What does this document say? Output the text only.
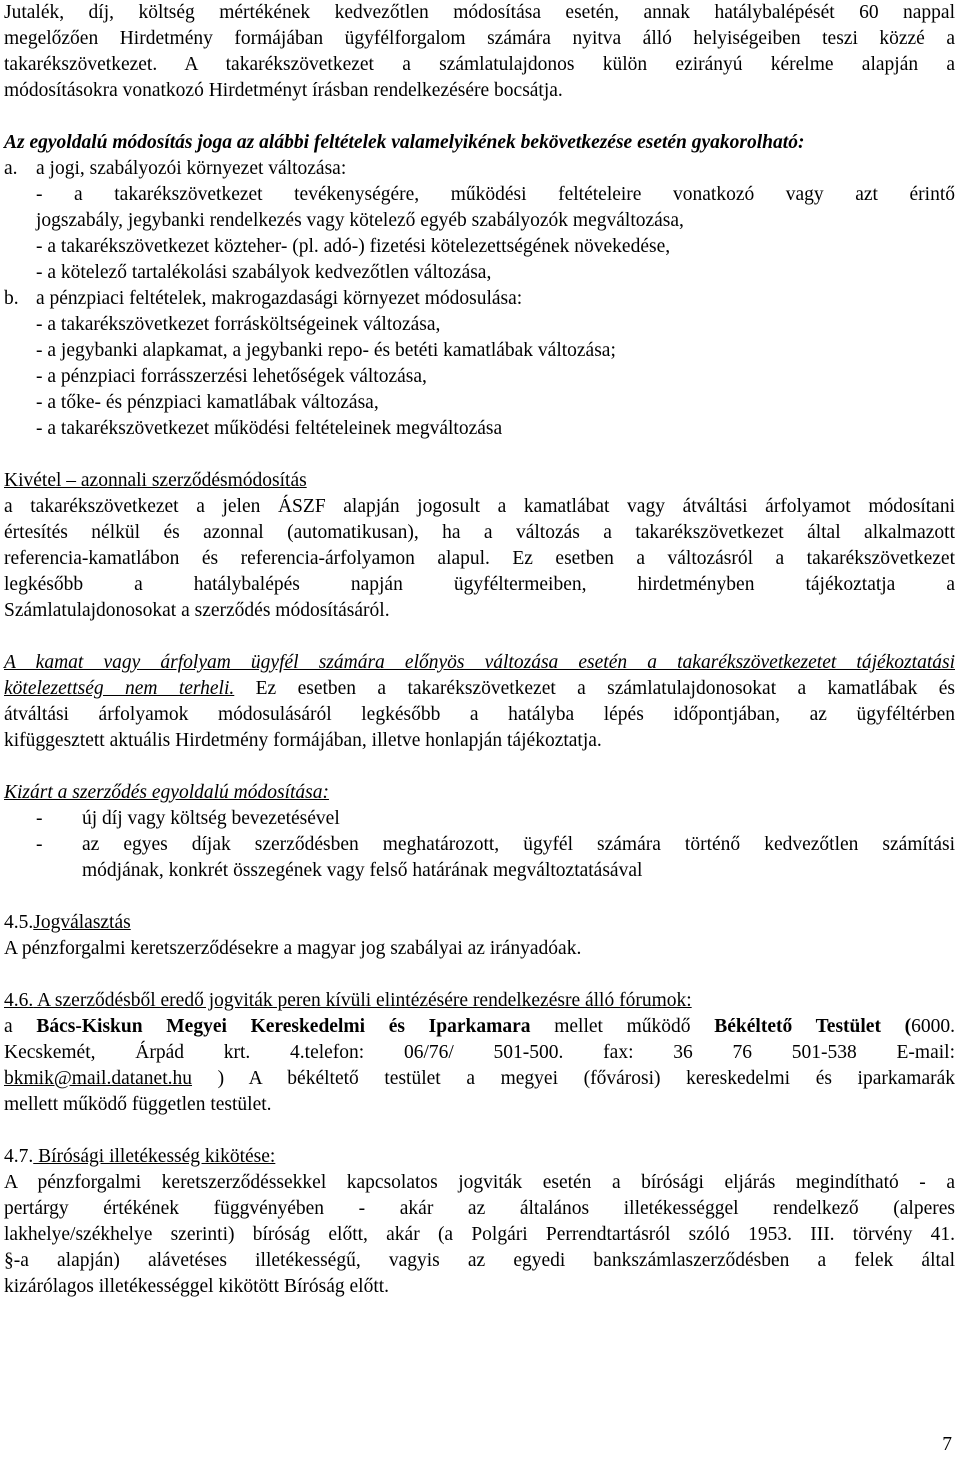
Jutalék, díj, költség mértékének kedvezőtlen módosítása esetén, annak hatálybalépését 60 nappal

megelőzően Hirdetmény formájában ügyfélforgalom számára nyitva álló helyiségeiben teszi közzé a

takarékszövetkezet. A takarékszövetkezet a számlatulajdonos külön ezirányú kérelme alapján a

módosításokra vonatkozó Hirdetményt írásban rendelkezésére bocsátja.

Az egyoldalú módosítás joga az alábbi feltételek valamelyikének bekövetkezése esetén gyakorolható:

a. a jogi, szabályozói környezet változása:

- a takarékszövetkezet tevékenységére, működési feltételeire vonatkozó vagy azt érintő

jogszabály, jegybanki rendelkezés vagy kötelező egyéb szabályozók megváltozása,

- a takarékszövetkezet közteher- (pl. adó-) fizetési kötelezettségének növekedése,

- a kötelező tartalékolási szabályok kedvezőtlen változása,

b. a pénzpiaci feltételek, makrogazdasági környezet módosulása:

- a takarékszövetkezet forrásköltségeinek változása,

- a jegybanki alapkamat, a jegybanki repo- és betéti kamatlábak változása;

- a pénzpiaci forrásszerzési lehetőségek változása,

- a tőke- és pénzpiaci kamatlábak változása,

- a takarékszövetkezet működési feltételeinek megváltozása

Kivétel – azonnali szerződésmódosítás

a takarékszövetkezet a jelen ÁSZF alapján jogosult a kamatlábat vagy átváltási árfolyamot módosítani

értesítés nélkül és azonnal (automatikusan), ha a változás a takarékszövetkezet által alkalmazott

referencia-kamatlábon és referencia-árfolyamon alapul. Ez esetben a változásról a takarékszövetkezet

legkésőbb a hatálybalépés napján ügyféltermeiben, hirdetményben tájékoztatja a

Számlatulajdonosokat a szerződés módosításáról.

A kamat vagy árfolyam ügyfél számára előnyös változása esetén a takarékszövetkezetet tájékoztatási

kötelezettség nem terheli. Ez esetben a takarékszövetkezet a számlatulajdonosokat a kamatlábak és

átváltási árfolyamok módosulásáról legkésőbb a hatályba lépés időpontjában, az ügyféltérben

kifüggesztett aktuális Hirdetmény formájában, illetve honlapján tájékoztatja.

Kizárt a szerződés egyoldalú módosítása:

-	új díj vagy költség bevezetésével
-	az egyes díjak szerződésben meghatározott, ügyfél számára történő kedvezőtlen számítási
módjának, konkrét összegének vagy felső határának megváltoztatásával

4.5.Jogválasztás

A pénzforgalmi keretszerződésekre a magyar jog szabályai az irányadóak.

4.6. A szerződésből eredő jogviták peren kívüli elintézésére rendelkezésre álló fórumok:

a Bács-Kiskun Megyei Kereskedelmi és Iparkamara mellet működő Békéltető Testület (6000.

Kecskemét, Árpád krt. 4.telefon: 06/76/ 501-500. fax: 36 76 501-538 E-mail:

bkmik@mail.datanet.hu ) A békéltető testület a megyei (fővárosi) kereskedelmi és iparkamarák

mellett működő független testület.

4.7. Bírósági illetékesség kikötése:

A pénzforgalmi keretszerződéssekkel kapcsolatos jogviták esetén a bírósági eljárás megindítható - a

pertárgy értékének függvényében - akár az általános illetékességgel rendelkező (alperes

lakhelye/székhelye szerinti) bíróság előtt, akár (a Polgári Perrendtartásról szóló 1953. III. törvény 41.

§-a alapján) alávetéses illetékességű, vagyis az egyedi bankszámlaszerződésben a felek által

kizárólagos illetékességgel kikötött Bíróság előtt.

7
